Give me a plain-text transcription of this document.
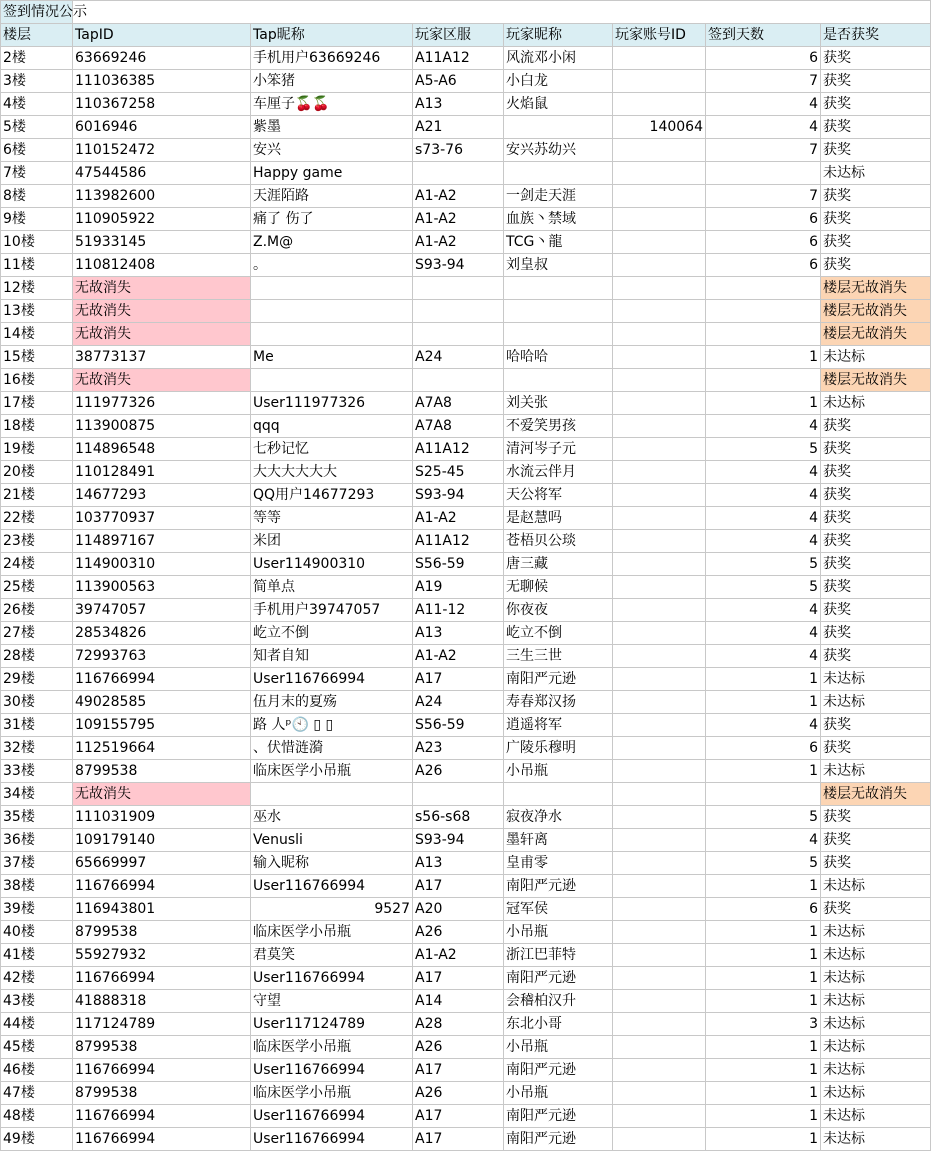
签到情况公示							
楼层	TapID	Tap昵称	玩家区服	玩家昵称	玩家账号ID	签到天数	是否获奖
2楼	63669246	手机用户63669246	A11A12	风流邓小闲		6	获奖
3楼	111036385	小笨猪	A5-A6	小白龙		7	获奖
4楼	110367258	车厘子🍒🍒	A13	火焰鼠		4	获奖
5楼	6016946	紫墨	A21		140064	4	获奖
6楼	110152472	安兴	s73-76	安兴苏幼兴		7	获奖
7楼	47544586	Happy game					未达标
8楼	113982600	天涯陌路	A1-A2	一剑走天涯		7	获奖
9楼	110905922	痛了 伤了	A1-A2	血族丶禁域		6	获奖
10楼	51933145	Z.M@	A1-A2	TCG丶龍		6	获奖
11楼	110812408	。	S93-94	刘皇叔		6	获奖
12楼	无故消失						楼层无故消失
13楼	无故消失						楼层无故消失
14楼	无故消失						楼层无故消失
15楼	38773137	Me	A24	哈哈哈		1	未达标
16楼	无故消失						楼层无故消失
17楼	111977326	User111977326	A7A8	刘关张		1	未达标
18楼	113900875	qqq	A7A8	不爱笑男孩		4	获奖
19楼	114896548	七秒记忆	A11A12	清河岑子元		5	获奖
20楼	110128491	大大大大大大	S25-45	水流云伴月		4	获奖
21楼	14677293	QQ用户14677293	S93-94	天公将军		4	获奖
22楼	103770937	等等	A1-A2	是赵慧吗		4	获奖
23楼	114897167	米团	A11A12	苍梧贝公琰		4	获奖
24楼	114900310	User114900310	S56-59	唐三藏		5	获奖
25楼	113900563	简单点	A19	无聊候		5	获奖
26楼	39747057	手机用户39747057	A11-12	你夜夜		4	获奖
27楼	28534826	屹立不倒	A13	屹立不倒		4	获奖
28楼	72993763	知者自知	A1-A2	三生三世		4	获奖
29楼	116766994	User116766994	A17	南阳严元逊		1	未达标
30楼	49028585	伍月末的夏殇	A24	寿春郑汉扬		1	未达标
31楼	109155795	路 人ᵖ🕙 ▯ ▯	S56-59	逍遥将军		4	获奖
32楼	112519664	、伏惜涟漪	A23	广陵乐穆明		6	获奖
33楼	8799538	临床医学小吊瓶	A26	小吊瓶		1	未达标
34楼	无故消失						楼层无故消失
35楼	111031909	巫水	s56-s68	寂夜净水		5	获奖
36楼	109179140	Venusli	S93-94	墨轩离		4	获奖
37楼	65669997	输入昵称	A13	皇甫零		5	获奖
38楼	116766994	User116766994	A17	南阳严元逊		1	未达标
39楼	116943801	9527	A20	冠军侯		6	获奖
40楼	8799538	临床医学小吊瓶	A26	小吊瓶		1	未达标
41楼	55927932	君莫笑	A1-A2	浙江巴菲特		1	未达标
42楼	116766994	User116766994	A17	南阳严元逊		1	未达标
43楼	41888318	守望	A14	会稽柏汉升		1	未达标
44楼	117124789	User117124789	A28	东北小哥		3	未达标
45楼	8799538	临床医学小吊瓶	A26	小吊瓶		1	未达标
46楼	116766994	User116766994	A17	南阳严元逊		1	未达标
47楼	8799538	临床医学小吊瓶	A26	小吊瓶		1	未达标
48楼	116766994	User116766994	A17	南阳严元逊		1	未达标
49楼	116766994	User116766994	A17	南阳严元逊		1	未达标
